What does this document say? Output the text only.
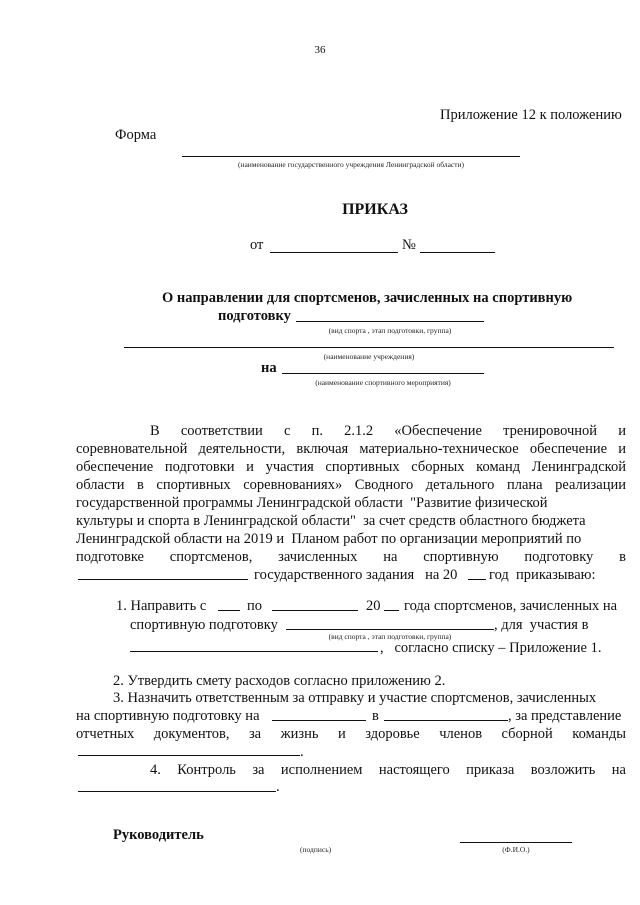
36
Приложение 12 к положению
Форма
(наименование государственного учреждения Ленинградской области)
ПРИКАЗ
от	№
О направлении для спортсменов, зачисленных на спортивную
подготовку
(вид спорта , этап подготовки, группа)
(наименование учреждения)
на
(наименование спортивного мероприятия)
В соответствии с п. 2.1.2 «Обеспечение тренировочной и
соревновательной деятельности, включая материально-техническое обеспечение и
обеспечение подготовки и участия спортивных сборных команд Ленинградской
области в спортивных соревнованиях» Сводного детального плана реализации
государственной программы Ленинградской области  "Развитие физической
культуры и спорта в Ленинградской области"  за счет средств областного бюджета
Ленинградской области на 2019 и  Планом работ по организации мероприятий по
подготовке спортсменов, зачисленных на спортивную подготовку в
государственного задания   на 20 год  приказываю:
1. Направить с	по	20 года спортсменов, зачисленных на
спортивную подготовку	, для  участия в
(вид спорта , этап подготовки, группа)
,   согласно списку – Приложение 1.
2. Утвердить смету расходов согласно приложению 2.
3. Назначить ответственным за отправку и участие спортсменов, зачисленных
на спортивную подготовку на	в	, за представление
отчетных документов, за жизнь и здоровье членов сборной команды
.
4. Контроль за исполнением настоящего приказа возложить на
.
Руководитель
(подпись)	(Ф.И.О.)
